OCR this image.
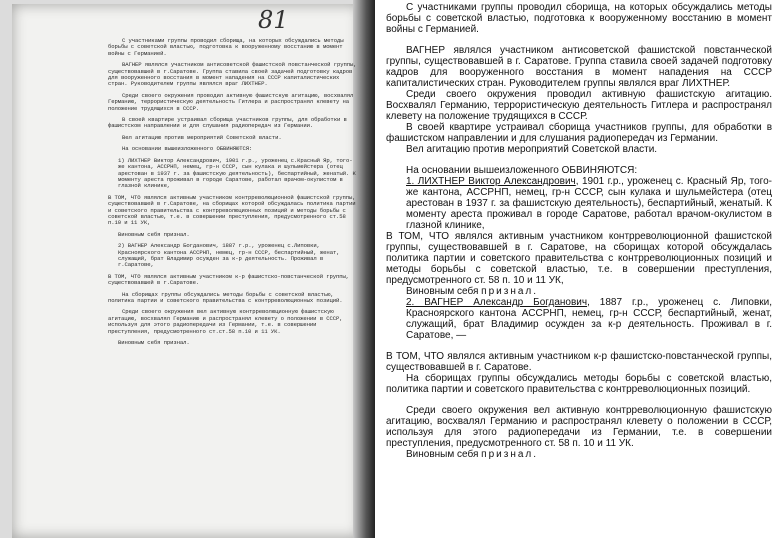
81

С участниками группы проводил сборища, на которых обсуждались методы борьбы с советской властью, подготовка к вооруженному восстанию в момент войны с Германией.

ВАГНЕР являлся участником антисоветской фашистской повстанческой группы, существовавшей в г.Саратове. Группа ставила своей задачей подготовку кадров для вооруженного восстания в момент нападения на СССР капиталистических стран. Руководителем группы являлся враг ЛИХТНЕР.

Среди своего окружения проводил активную фашистскую агитацию, восхвалял Германию, террористическую деятельность Гитлера и распространял клевету на положение трудящихся в СССР.

В своей квартире устраивал сборища участников группы, для обработки в фашистском направлении и для слушания радиопередач из Германии.

Вел агитацию против мероприятий Советской власти.

На основании вышеизложенного ОБВИНЯЮТСЯ:

1) ЛИХТНЕР Виктор Александрович, 1901 г.р., уроженец с.Красный Яр, того-же кантона, АССРНП, немец, гр-н СССР, сын кулака и шульмейстера (отец арестован в 1937 г. за фашистскую деятельность), беспартийный, женатый. К моменту ареста проживал в городе Саратове, работал врачом-окулистом в глазной клинике,

В ТОМ, ЧТО являлся активным участником контрреволюционной фашистской группы, существовавшей в г.Саратове, на сборищах которой обсуждалась политика партии и советского правительства с контрреволюционных позиций и методы борьбы с советской властью, т.е. в совершении преступления, предусмотренного ст.58 п.10 и 11 УК,

Виновным себя признал.

2) ВАГНЕР Александр Богданович, 1887 г.р., уроженец с.Липовки, Красноярского кантона АССРНП, немец, гр-н СССР, беспартийный, женат, служащий, брат Владимир осужден за к-р деятельность. Проживал в г.Саратове,

В ТОМ, ЧТО являлся активным участником к-р фашистско-повстанческой группы, существовавшей в г.Саратове.

На сборищах группы обсуждались методы борьбы с советской властью, политика партии и советского правительства с контрреволюционных позиций.

Среди своего окружения вел активную контрреволюционную фашистскую агитацию, восхвалял Германию и распространял клевету о положении в СССР, используя для этого радиопередачи из Германии, т.е. в совершении преступления, предусмотренного ст.ст.58 п.10 и 11 УК.

Виновным себя признал.

С участниками группы проводил сборища, на которых обсуждались методы борьбы с советской властью, подготовка к вооруженному восстанию в момент войны с Германией.

ВАГНЕР являлся участником антисоветской фашистской повстанческой группы, существовавшей в г. Саратове. Группа ставила своей задачей подготовку кадров для вооруженного восстания в момент нападения на СССР капиталистических стран. Руководителем группы являлся враг ЛИХТНЕР.

Среди своего окружения проводил активную фашистскую агитацию. Восхвалял Германию, террористическую деятельность Гитлера и распространял клевету на положение трудящихся в СССР.

В своей квартире устраивал сборища участников группы, для обработки в фашистском направлении и для слушания радиопередач из Германии.

Вел агитацию против мероприятий Советской власти.

На основании вышеизложенного ОБВИНЯЮТСЯ:

1. ЛИХТНЕР Виктор Александрович, 1901 г.р., уроженец с. Красный Яр, того-же кантона, АССРНП, немец, гр-н СССР, сын кулака и шульмейстера (отец арестован в 1937 г. за фашистскую деятельность), беспартийный, женатый. К моменту ареста проживал в городе Саратове, работал врачом-окулистом в глазной клинике,

В ТОМ, ЧТО являлся активным участником контрреволюционной фашистской группы, существовавшей в г. Саратове, на сборищах которой обсуждалась политика партии и советского правительства с контрреволюционных позиций и методы борьбы с советской властью, т.е. в совершении преступления, предусмотренного ст. 58 п. 10 и 11 УК,

Виновным себя признал.

2. ВАГНЕР Александр Богданович, 1887 г.р., уроженец с. Липовки, Красноярского кантона АССРНП, немец, гр-н СССР, беспартийный, женат, служащий, брат Владимир осужден за к-р деятельность. Проживал в г. Саратове, —

В ТОМ, ЧТО являлся активным участником к-р фашистско-повстанческой группы, существовавшей в г. Саратове.

На сборищах группы обсуждались методы борьбы с советской властью, политика партии и советского правительства с контрреволюционных позиций.

Среди своего окружения вел активную контрреволюционную фашистскую агитацию, восхвалял Германию и распространял клевету о положении в СССР, используя для этого радиопередачи из Германии, т.е. в совершении преступления, предусмотренного ст. 58 п. 10 и 11 УК.

Виновным себя признал.
